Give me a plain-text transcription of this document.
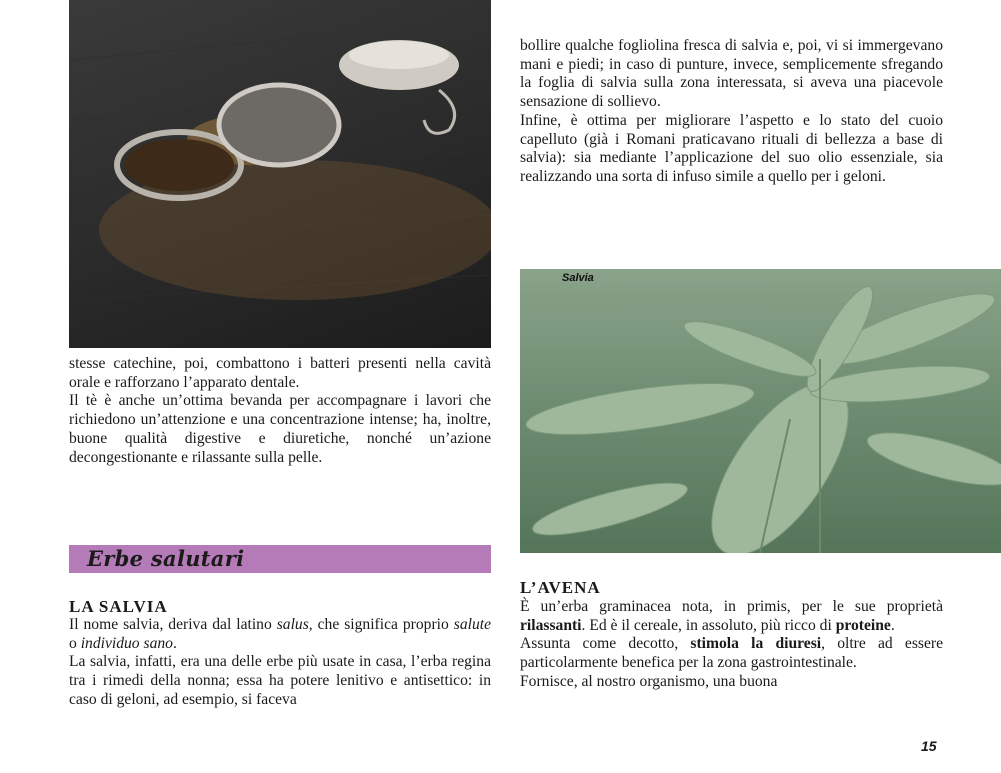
stesse catechine, poi, combattono i batteri presenti nella cavità orale e rafforzano l’apparato dentale.

Il tè è anche un’ottima bevanda per accompagnare i lavori che richiedono un’attenzione e una concentrazione intense; ha, inoltre, buone qualità digestive e diuretiche, nonché un’azione decongestionante e rilassante sulla pelle.

Erbe salutari
LA SALVIA

Il nome salvia, deriva dal latino salus, che significa proprio salute o individuo sano.

La salvia, infatti, era una delle erbe più usate in casa, l’erba regina tra i rimedi della nonna; essa ha potere lenitivo e antisettico: in caso di geloni, ad esempio, si faceva

bollire qualche fogliolina fresca di salvia e, poi, vi si immergevano mani e piedi; in caso di punture, invece, semplicemente sfregando la foglia di salvia sulla zona interessata, si aveva una piacevole sensazione di sollievo.

Infine, è ottima per migliorare l’aspetto e lo stato del cuoio capelluto (già i Romani praticavano rituali di bellezza a base di salvia): sia mediante l’applicazione del suo olio essenziale, sia realizzando una sorta di infuso simile a quello per i geloni.

Salvia
L’AVENA

È un’erba graminacea nota, in primis, per le sue proprietà rilassanti. Ed è il cereale, in assoluto, più ricco di proteine.

Assunta come decotto, stimola la diuresi, oltre ad essere particolarmente benefica per la zona gastrointestinale.

Fornisce, al nostro organismo, una buona

15
